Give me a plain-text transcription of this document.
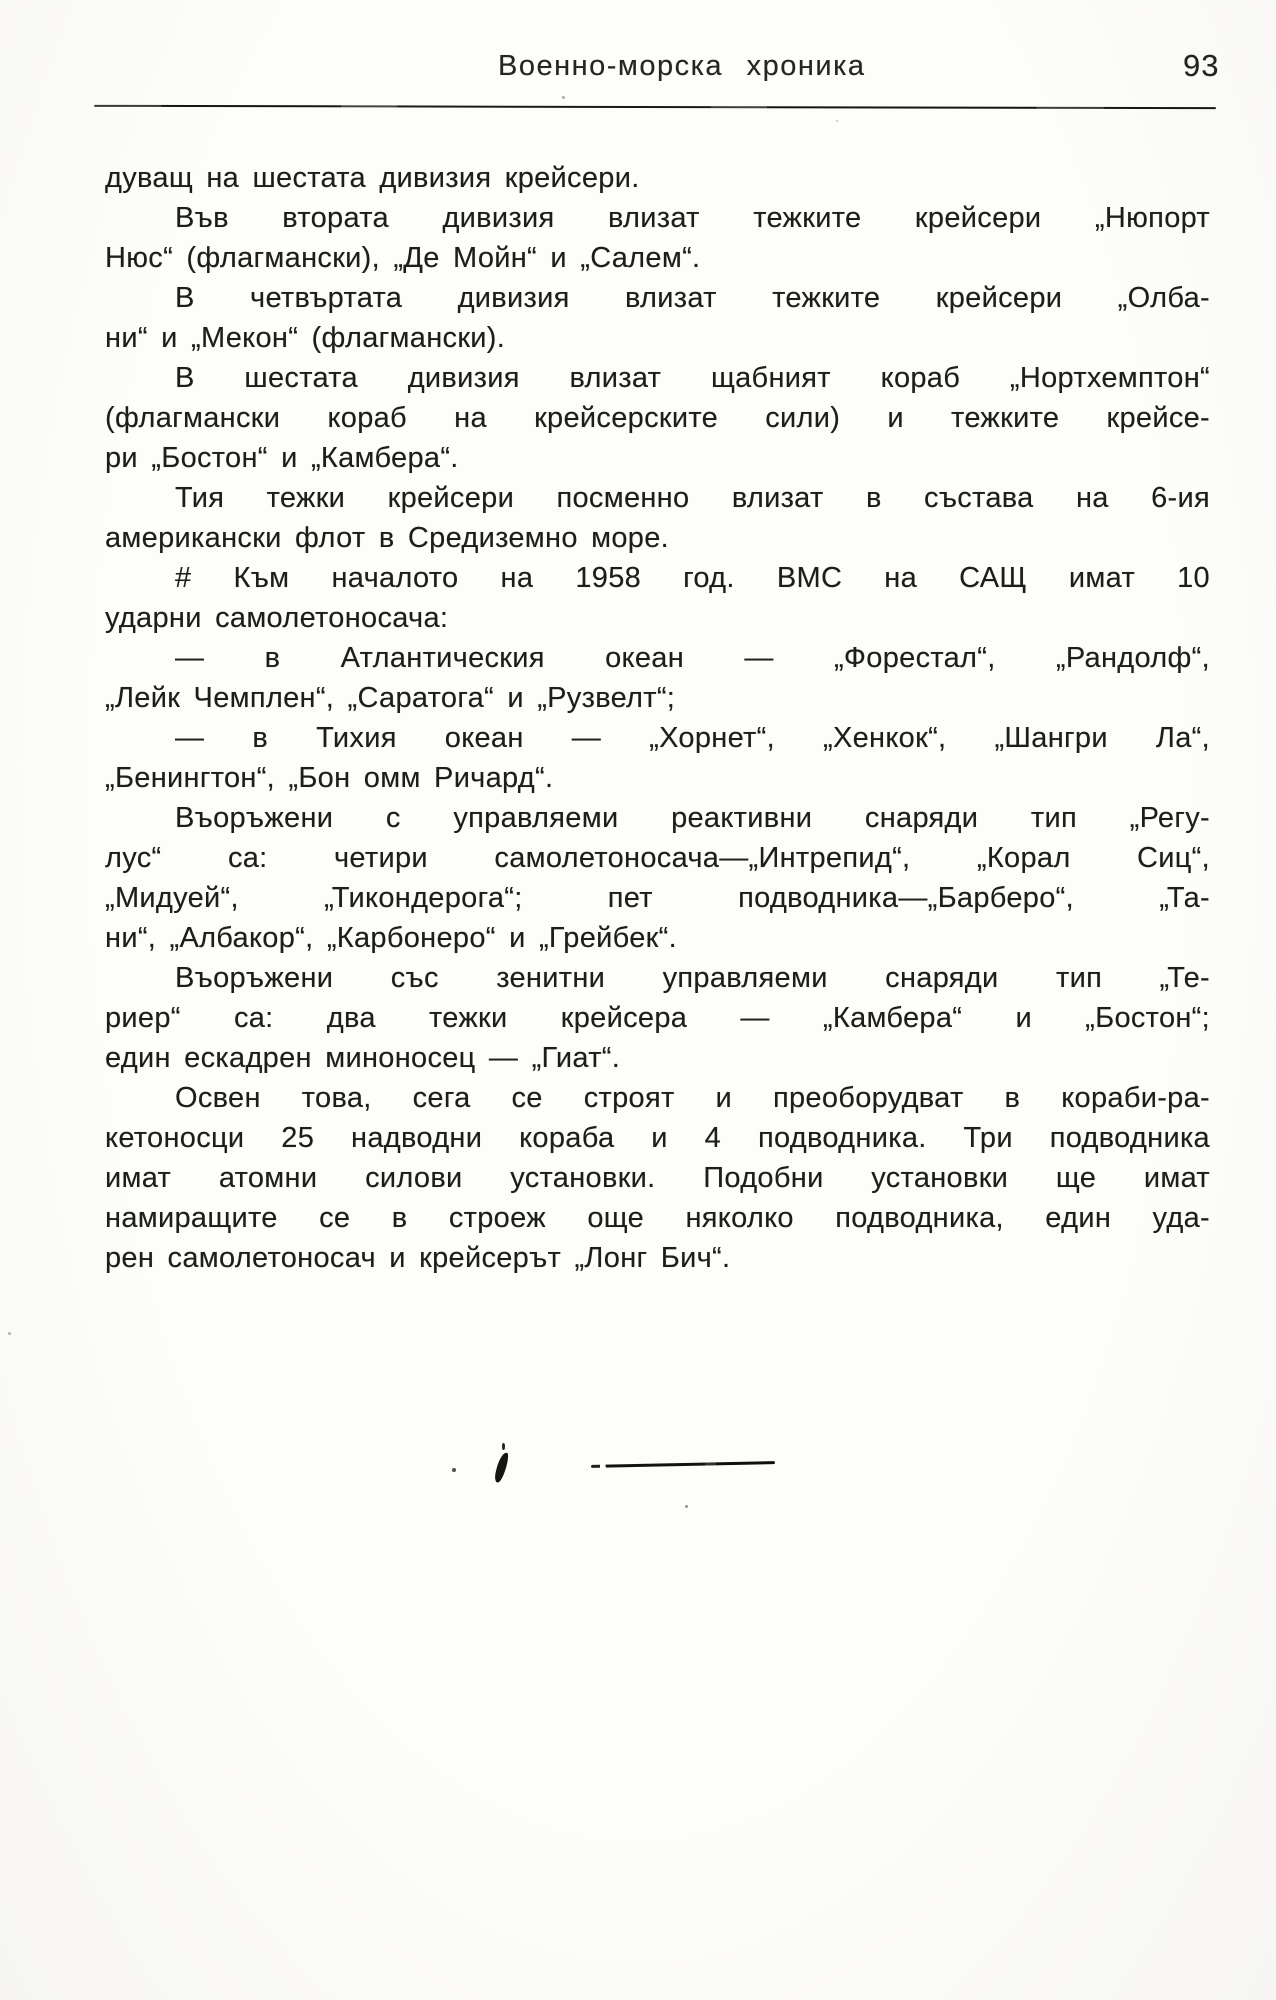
Военно-морска хроника	93
дуващ на шестата дивизия крейсери.
Във втората дивизия влизат тежките крейсери „Нюпорт
Нюс“ (флагмански), „Де Мойн“ и „Салем“.
В четвъртата дивизия влизат тежките крейсери „Олба-
ни“ и „Мекон“ (флагмански).
В шестата дивизия влизат щабният кораб „Нортхемптон“
(флагмански кораб на крейсерските сили) и тежките крейсе-
ри „Бостон“ и „Камбера“.
Тия тежки крейсери посменно влизат в състава на 6-ия
американски флот в Средиземно море.
# Към началото на 1958 год. ВМС на САЩ имат 10
ударни самолетоносача:
— в Атлантическия океан — „Форестал“, „Рандолф“,
„Лейк Чемплен“, „Саратога“ и „Рузвелт“;
— в Тихия океан — „Хорнет“, „Хенкок“, „Шангри Ла“,
„Бенингтон“, „Бон омм Ричард“.
Въоръжени с управляеми реактивни снаряди тип „Регу-
лус“ са: четири самолетоносача—„Интрепид“, „Корал Сиц“,
„Мидуей“, „Тикондерога“; пет подводника—„Барберо“, „Та-
ни“, „Албакор“, „Карбонеро“ и „Грейбек“.
Въоръжени със зенитни управляеми снаряди тип „Те-
риер“ са: два тежки крейсера — „Камбера“ и „Бостон“;
един ескадрен миноносец — „Гиат“.
Освен това, сега се строят и преоборудват в кораби-ра-
кетоносци 25 надводни кораба и 4 подводника. Три подводника
имат атомни силови установки. Подобни установки ще имат
намиращите се в строеж още няколко подводника, един уда-
рен самолетоносач и крейсерът „Лонг Бич“.
